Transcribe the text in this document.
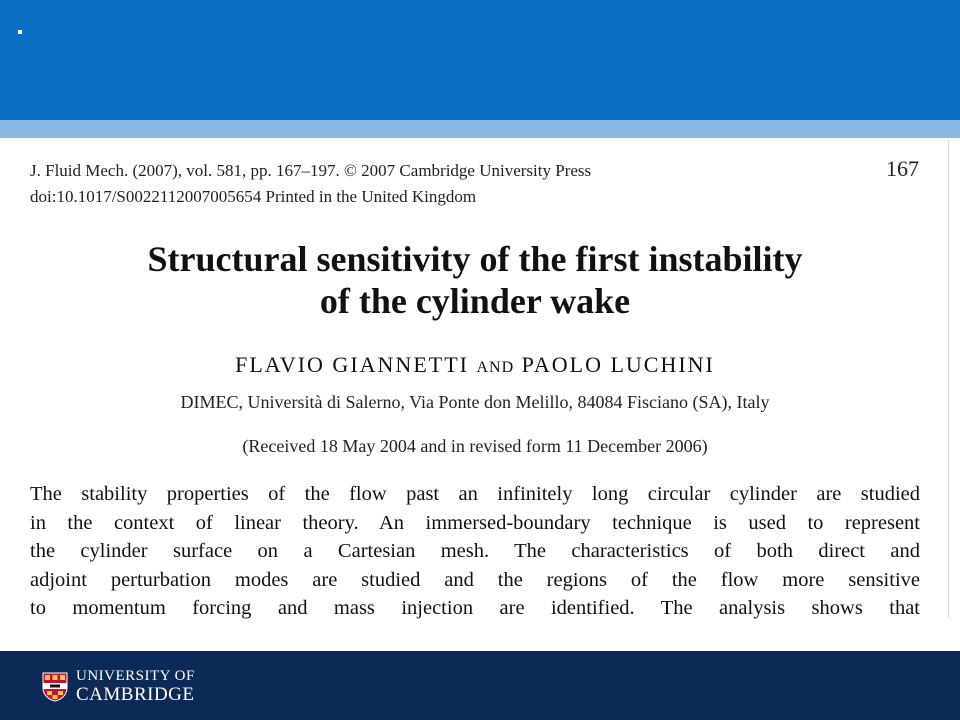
J. Fluid Mech. (2007), vol. 581, pp. 167–197. © 2007 Cambridge University Press
doi:10.1017/S0022112007005654 Printed in the United Kingdom
167
Structural sensitivity of the first instability
of the cylinder wake
FLAVIO GIANNETTI AND PAOLO LUCHINI
DIMEC, Università di Salerno, Via Ponte don Melillo, 84084 Fisciano (SA), Italy
(Received 18 May 2004 and in revised form 11 December 2006)
The stability properties of the flow past an infinitely long circular cylinder are studied
in the context of linear theory. An immersed-boundary technique is used to represent
the cylinder surface on a Cartesian mesh. The characteristics of both direct and
adjoint perturbation modes are studied and the regions of the flow more sensitive
to momentum forcing and mass injection are identified. The analysis shows that
UNIVERSITY OF
CAMBRIDGE
